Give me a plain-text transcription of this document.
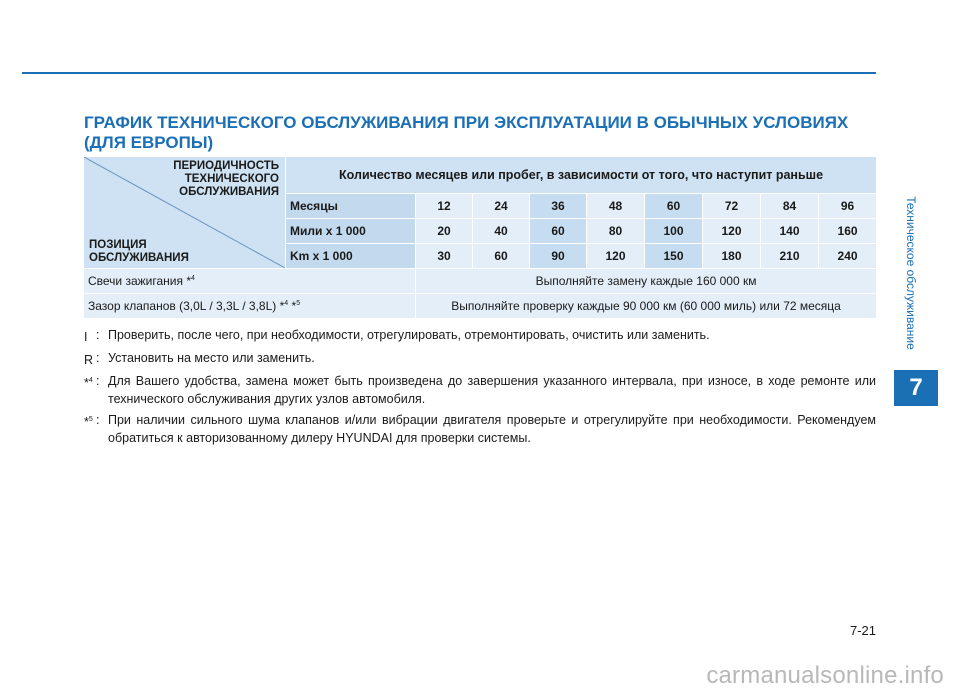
Техническое обслуживание
7
ГРАФИК ТЕХНИЧЕСКОГО ОБСЛУЖИВАНИЯ ПРИ ЭКСПЛУАТАЦИИ В ОБЫЧНЫХ УСЛОВИЯХ (ДЛЯ ЕВРОПЫ)
ПЕРИОДИЧНОСТЬ
ТЕХНИЧЕСКОГО
ОБСЛУЖИВАНИЯ
ПОЗИЦИЯ
ОБСЛУЖИВАНИЯ	Количество месяцев или пробег, в зависимости от того, что наступит раньше								
	Месяцы	12	24	36	48	60	72	84	96
	Мили x 1 000	20	40	60	80	100	120	140	160
	Km x 1 000	30	60	90	120	150	180	210	240
Свечи зажигания *$^4$		Выполняйте замену каждые 160 000 км							
Зазор клапанов (3,0L / 3,3L / 3,8L) *$^4$ *$^5$		Выполняйте проверку каждые 90 000 км (60 000 миль) или 72 месяца							
I : Проверить, после чего, при необходимости, отрегулировать, отремонтировать, очистить или заменить.
R : Установить на место или заменить.
*$^4$ : Для Вашего удобства, замена может быть произведена до завершения указанного интервала, при износе, в ходе ремонте или технического обслуживания других узлов автомобиля.
*$^5$ : При наличии сильного шума клапанов и/или вибрации двигателя проверьте и отрегулируйте при необходимости. Рекомендуем обратиться к авторизованному дилеру HYUNDAI для проверки системы.
7-21
carmanualsonline.info
